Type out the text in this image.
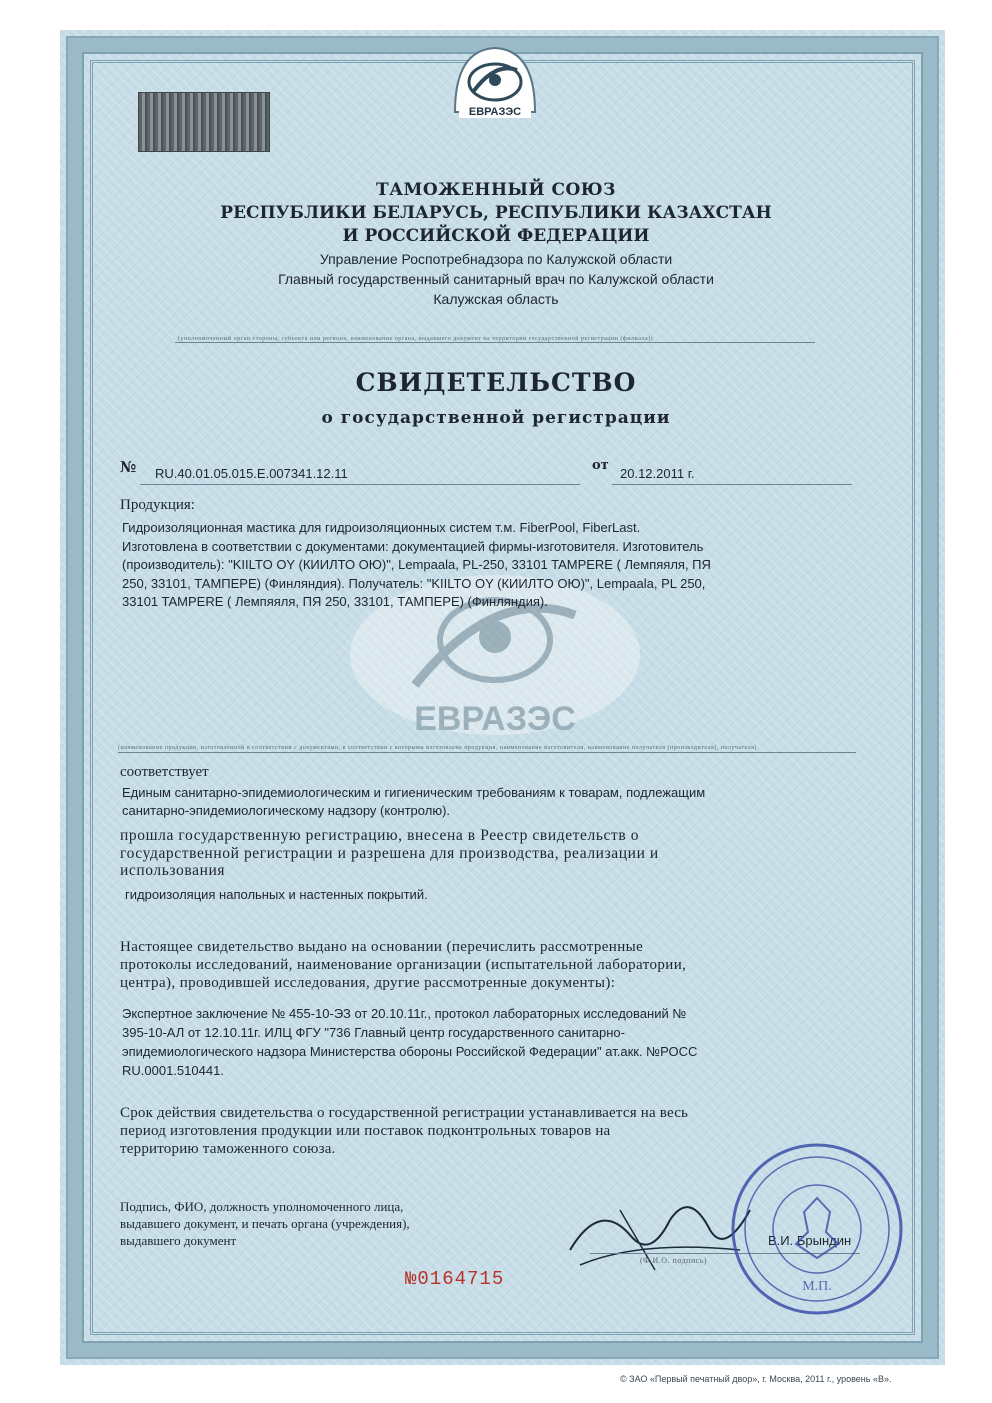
ЕВРАЗЭС
ЕВРАЗЭС
ТАМОЖЕННЫЙ СОЮЗ
РЕСПУБЛИКИ БЕЛАРУСЬ, РЕСПУБЛИКИ КАЗАХСТАН
И РОССИЙСКОЙ ФЕДЕРАЦИИ
Управление Роспотребнадзора по Калужской области
Главный государственный санитарный врач по Калужской области
Калужская область
(уполномоченный орган стороны, субъекта или региона, наименование органа, выдавшего документ на территории государственной регистрации (филиала))
СВИДЕТЕЛЬСТВО
о государственной регистрации
№ RU.40.01.05.015.Е.007341.12.11
от
20.12.2011 г.
Продукция:
Гидроизоляционная мастика для гидроизоляционных систем т.м. FiberPool, FiberLast.
Изготовлена в соответствии с документами: документацией фирмы-изготовителя. Изготовитель
(производитель): "KIILTO OY (КИИЛТО ОЮ)", Lempaala, PL-250, 33101 TAMPERE ( Лемпяяля, ПЯ
250, 33101, ТАМПЕРЕ) (Финляндия). Получатель: "KIILTO OY (КИИЛТО ОЮ)", Lempaala, PL 250,
33101 TAMPERE ( Лемпяяля, ПЯ 250, 33101, ТАМПЕРЕ) (Финляндия).
(наименование продукции, изготовленной в соответствии с документами, в соответствии с которыми изготовлена продукция, наименование изготовителя, наименование получателя (производителя), получателя)
соответствует
Единым санитарно-эпидемиологическим и гигиеническим требованиям к товарам, подлежащим
санитарно-эпидемиологическому надзору (контролю).
прошла государственную регистрацию, внесена в Реестр свидетельств о
государственной регистрации и разрешена для производства, реализации и
использования
гидроизоляция напольных и настенных покрытий.
Настоящее свидетельство выдано на основании (перечислить рассмотренные
протоколы исследований, наименование организации (испытательной лаборатории,
центра), проводившей исследования, другие рассмотренные документы):
Экспертное заключение № 455-10-ЭЗ от 20.10.11г., протокол лабораторных исследований №
395-10-АЛ от 12.10.11г. ИЛЦ ФГУ "736 Главный центр государственного санитарно-
эпидемиологического надзора Министерства обороны Российской Федерации" ат.акк. №РОСС
RU.0001.510441.
Срок действия свидетельства о государственной регистрации устанавливается на весь
период изготовления продукции или поставок подконтрольных товаров на
территорию таможенного союза.
Подпись, ФИО, должность уполномоченного лица,
выдавшего документ, и печать органа (учреждения),
выдавшего документ	В.И. Брындин
(Ф.И.О. подпись)
М.П.
№0164715
© ЗАО «Первый печатный двор», г. Москва, 2011 г., уровень «В».
